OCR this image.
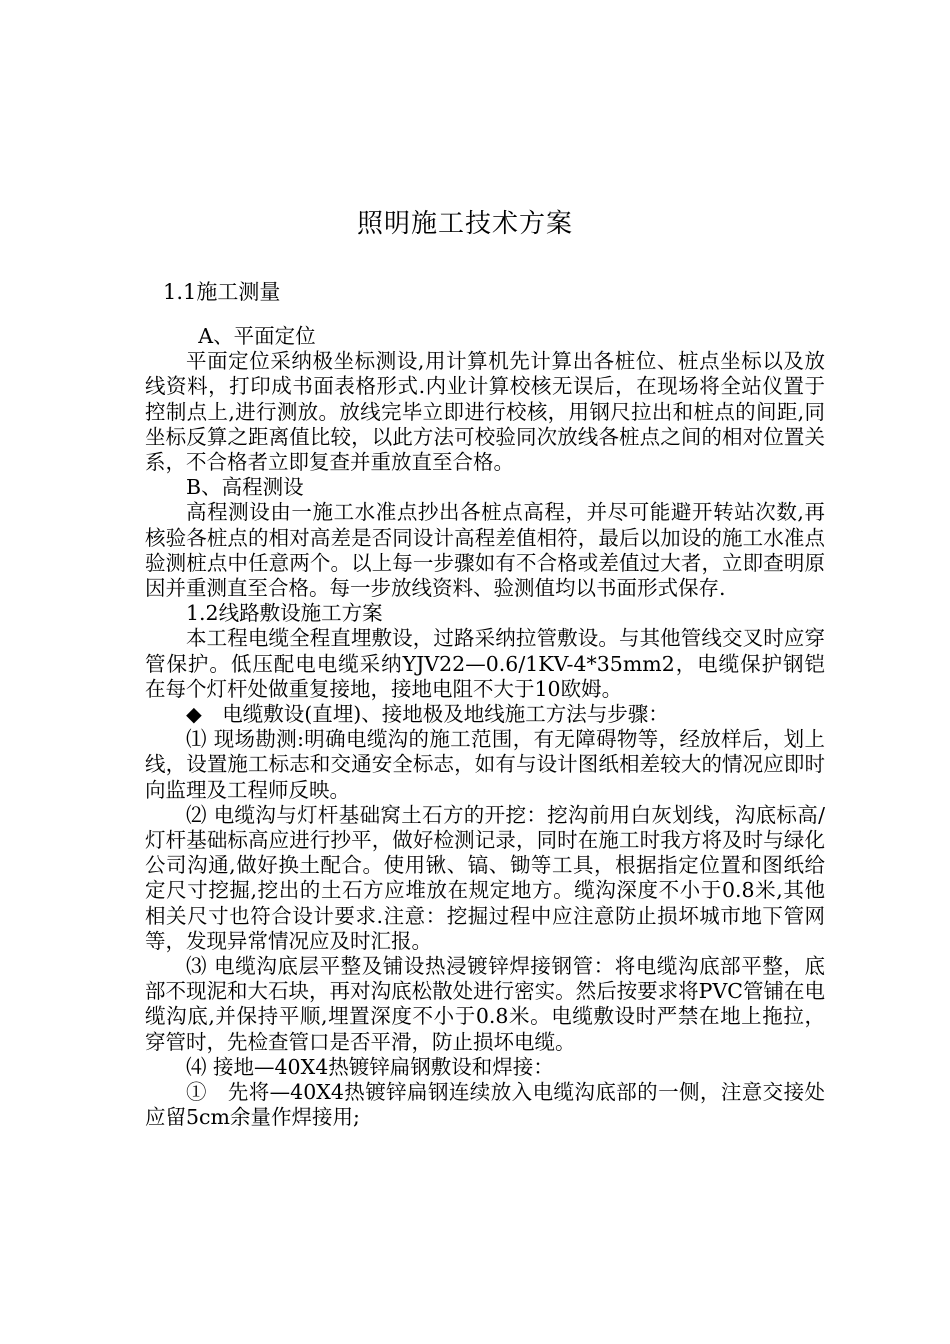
照明施工技术方案
1.1施工测量

A、平面定位

平面定位采纳极坐标测设,用计算机先计算出各桩位、桩点坐标以及放线资料，打印成书面表格形式.内业计算校核无误后，在现场将全站仪置于控制点上,进行测放。放线完毕立即进行校核，用钢尺拉出和桩点的间距,同坐标反算之距离值比较，以此方法可校验同次放线各桩点之间的相对位置关系，不合格者立即复查并重放直至合格。

B、高程测设

高程测设由一施工水准点抄出各桩点高程，并尽可能避开转站次数,再核验各桩点的相对高差是否同设计高程差值相符，最后以加设的施工水准点验测桩点中任意两个。以上每一步骤如有不合格或差值过大者，立即查明原因并重测直至合格。每一步放线资料、验测值均以书面形式保存.

1.2线路敷设施工方案

本工程电缆全程直埋敷设，过路采纳拉管敷设。与其他管线交叉时应穿管保护。低压配电电缆采纳YJV22—0.6/1KV-4*35mm2，电缆保护钢铠在每个灯杆处做重复接地，接地电阻不大于10欧姆。

◆　电缆敷设(直埋)、接地极及地线施工方法与步骤：

⑴ 现场勘测:明确电缆沟的施工范围，有无障碍物等，经放样后，划上线，设置施工标志和交通安全标志，如有与设计图纸相差较大的情况应即时向监理及工程师反映。

⑵ 电缆沟与灯杆基础窝土石方的开挖：挖沟前用白灰划线，沟底标高/灯杆基础标高应进行抄平，做好检测记录，同时在施工时我方将及时与绿化公司沟通,做好换土配合。使用锹、镐、锄等工具，根据指定位置和图纸给定尺寸挖掘,挖出的土石方应堆放在规定地方。缆沟深度不小于0.8米,其他相关尺寸也符合设计要求.注意：挖掘过程中应注意防止损坏城市地下管网等，发现异常情况应及时汇报。

⑶ 电缆沟底层平整及铺设热浸镀锌焊接钢管：将电缆沟底部平整，底部不现泥和大石块，再对沟底松散处进行密实。然后按要求将PVC管铺在电缆沟底,并保持平顺,埋置深度不小于0.8米。电缆敷设时严禁在地上拖拉，穿管时，先检查管口是否平滑，防止损坏电缆。

⑷ 接地—40X4热镀锌扁钢敷设和焊接：

①　先将—40X4热镀锌扁钢连续放入电缆沟底部的一侧，注意交接处应留5cm余量作焊接用;
